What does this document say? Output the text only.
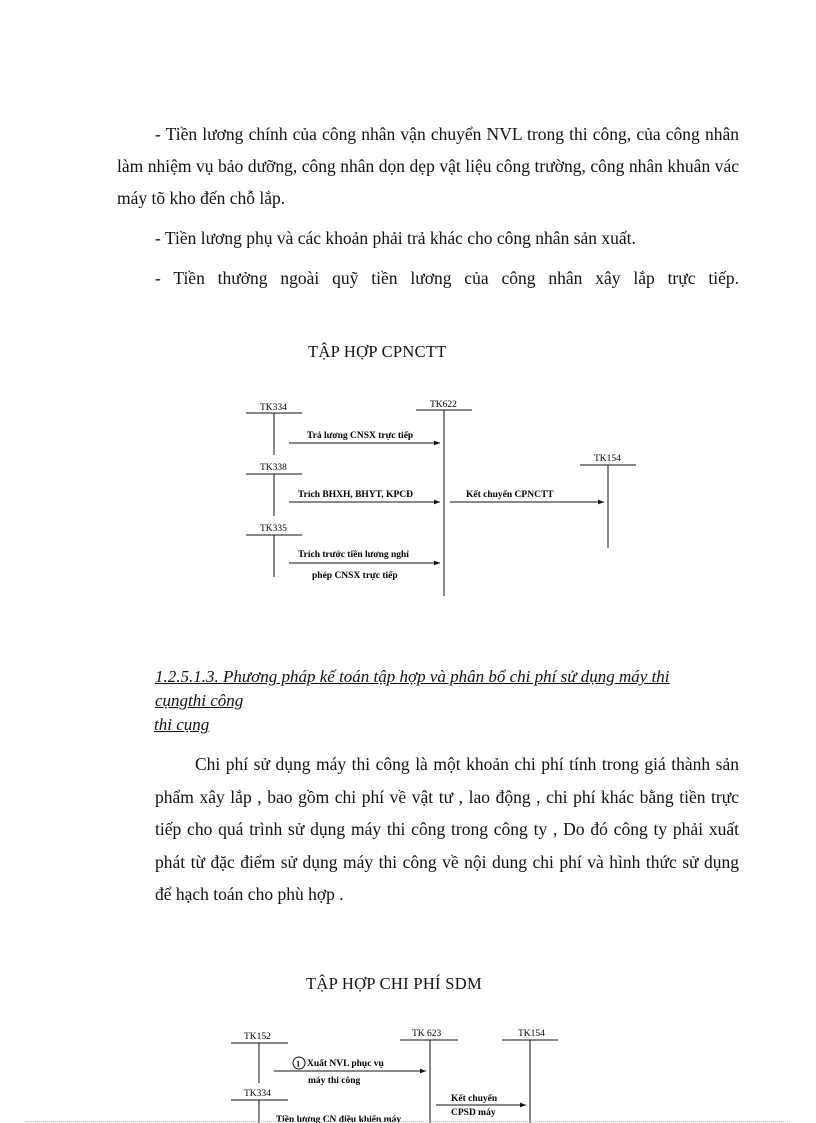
- Tiền lương chính của công nhân vận chuyển NVL trong thi công, của công nhân làm nhiệm vụ bảo dưỡng, công nhân dọn dẹp vật liệu công trường, công nhân khuân vác máy tõ kho đến chỗ lắp.

- Tiền lương phụ và các khoản phải trả khác cho công nhân sản xuất.

- Tiền thưởng ngoài quỹ tiền lương của công nhân xây lắp trực tiếp.

TẬP HỢP CPNCTT
TK334	TK622
Trả lương CNSX trực tiếp
TK338
TK154
Trích BHXH, BHYT, KPCĐ	Kết chuyển CPNCTT
TK335
Trích trước tiền lương nghỉ
phép CNSX trực tiếp
1.2.5.1.3. Phương pháp kế toán tập hợp và phân bổ chi phí sử dụng máy thi
cụngthi công
thi cụng

Chi phí sử dụng máy thi công là một khoản chi phí tính trong giá thành sản phẩm xây lắp , bao gồm chi phí về vật tư , lao động , chi phí khác bằng tiền trực tiếp cho quá trình sử dụng máy thi công trong công ty , Do đó công ty phải xuất phát từ đặc điểm sử dụng máy thi công về nội dung chi phí và hình thức sử dụng để hạch toán cho phù hợp .

TẬP HỢP CHI PHÍ SDM
TK152	TK 623	TK154
1 Xuất NVL phục vụ
máy thi công
TK334	Kết chuyển
CPSD máy
Tiền lương CN điều khiển máy
